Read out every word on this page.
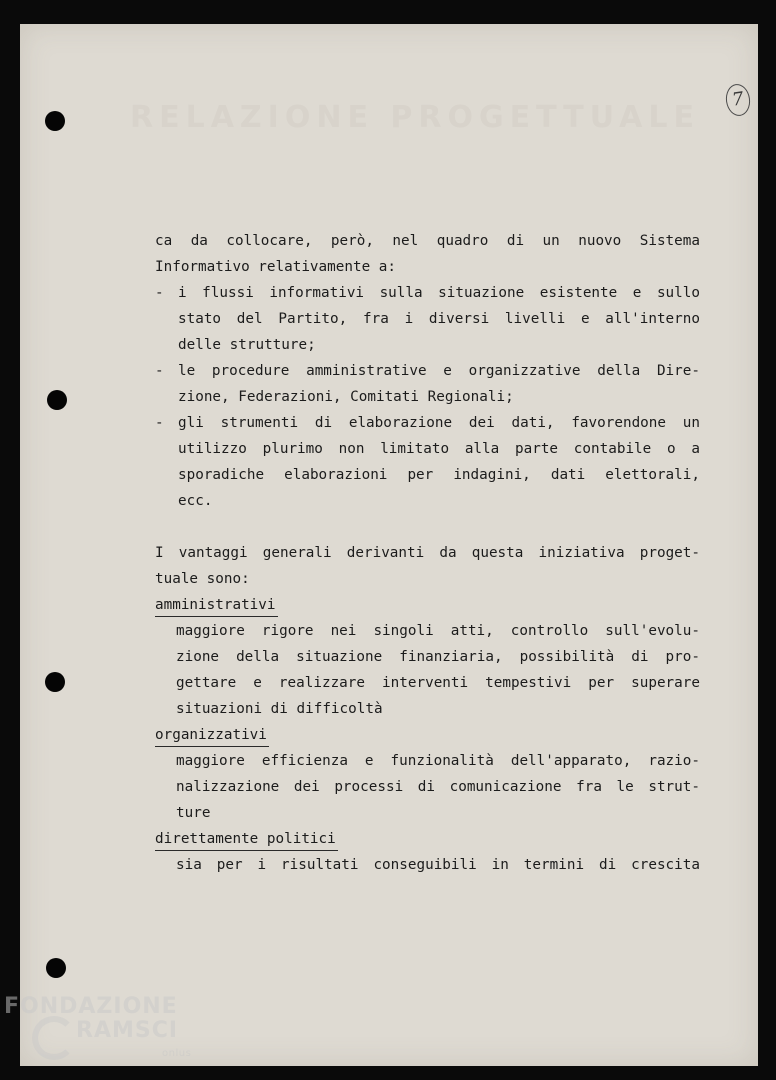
RELAZIONE PROGETTUALE
7
ca da collocare, però, nel quadro di un nuovo Sistema
Informativo relativamente a:
- i flussi informativi sulla situazione esistente e sullo
stato del Partito, fra i diversi livelli e all'interno
delle strutture;
- le procedure amministrative e organizzative della Dire-
zione, Federazioni, Comitati Regionali;
- gli strumenti di elaborazione dei dati, favorendone un
utilizzo plurimo non limitato alla parte contabile o a
sporadiche elaborazioni per indagini, dati elettorali,
ecc.
I vantaggi generali derivanti da questa iniziativa proget-
tuale sono:
amministrativi
maggiore rigore nei singoli atti, controllo sull'evolu-
zione della situazione finanziaria, possibilità di pro-
gettare e realizzare interventi tempestivi per superare
situazioni di difficoltà
organizzativi
maggiore efficienza e funzionalità dell'apparato, razio-
nalizzazione dei processi di comunicazione fra le strut-
ture
direttamente politici
sia per i risultati conseguibili in termini di crescita
FONDAZIONE
RAMSCI
onlus
